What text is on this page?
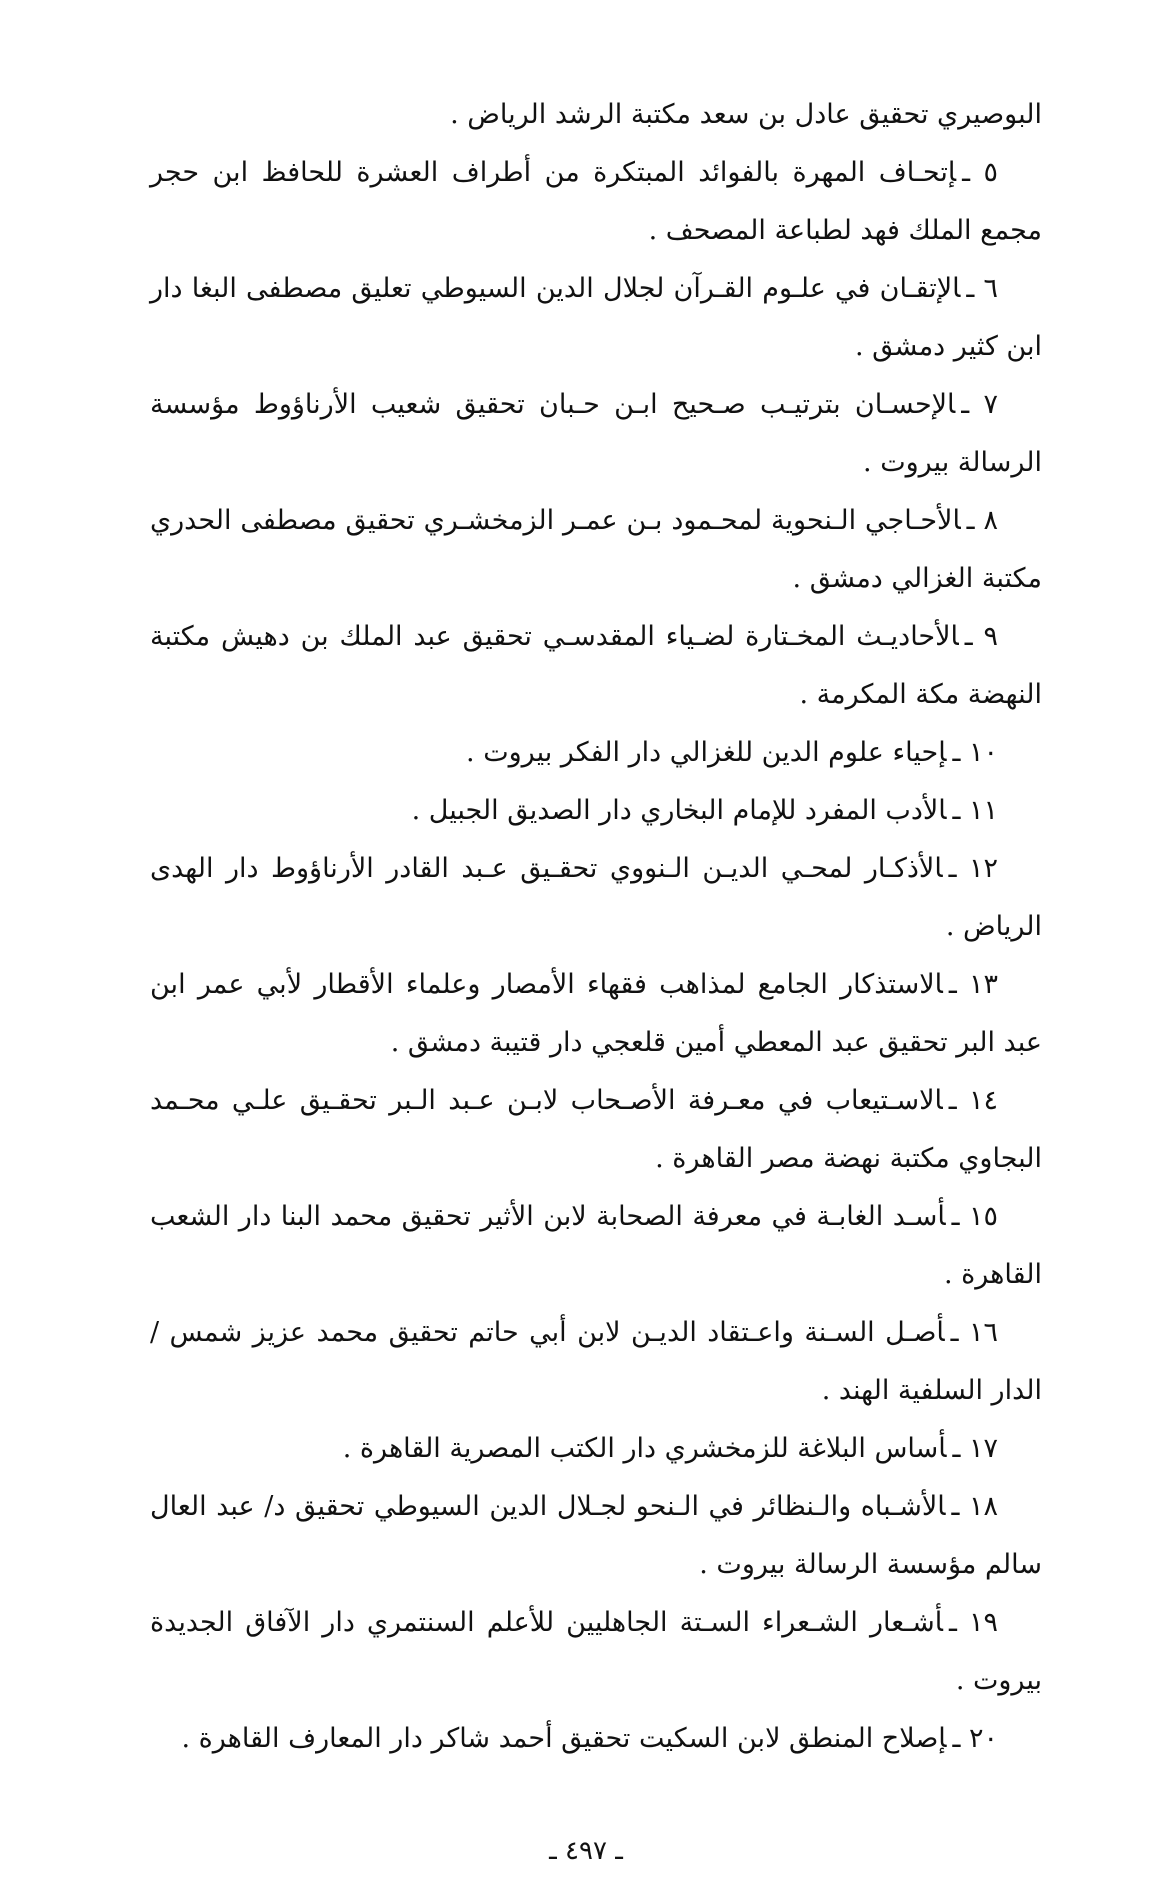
البوصيري تحقيق عادل بن سعد مكتبة الرشد الرياض .

٥ ـإتحـاف المهرة بالفوائد المبتكرة من أطراف العشرة للحافظ ابن حجر مجمع الملك فهد لطباعة المصحف .
٦ ـالإتقـان في علـوم القـرآن لجلال الدين السيوطي تعليق مصطفى البغا دار ابن كثير دمشق .
٧ ـالإحسـان بترتيـب صـحيح ابـن حـبان تحقيق شعيب الأرناؤوط مؤسسة الرسالة بيروت .
٨ ـالأحـاجي الـنحوية لمحـمود بـن عمـر الزمخشـري تحقيق مصطفى الحدري مكتبة الغزالي دمشق .
٩ ـالأحاديـث المخـتارة لضـياء المقدسـي تحقيق عبد الملك بن دهيش مكتبة النهضة مكة المكرمة .
١٠ ـإحياء علوم الدين للغزالي دار الفكر بيروت .
١١ ـالأدب المفرد للإمام البخاري دار الصديق الجبيل .
١٢ ـالأذكـار لمحـي الديـن الـنووي تحقـيق عـبد القادر الأرناؤوط دار الهدى الرياض .
١٣ ـالاستذكار الجامع لمذاهب فقهاء الأمصار وعلماء الأقطار لأبي عمر ابن عبد البر تحقيق عبد المعطي أمين قلعجي دار قتيبة دمشق .
١٤ ـالاسـتيعاب في معـرفة الأصـحاب لابـن عـبد الـبر تحقـيق علـي محـمد البجاوي مكتبة نهضة مصر القاهرة .
١٥ ـأسـد الغابـة في معرفة الصحابة لابن الأثير تحقيق محمد البنا دار الشعب القاهرة .
١٦ ـأصـل السـنة واعـتقاد الديـن لابن أبي حاتم تحقيق محمد عزيز شمس / الدار السلفية الهند .
١٧ ـأساس البلاغة للزمخشري دار الكتب المصرية القاهرة .
١٨ ـالأشـباه والـنظائر في الـنحو لجـلال الدين السيوطي تحقيق د/ عبد العال سالم مؤسسة الرسالة بيروت .
١٩ ـأشـعار الشـعراء السـتة الجاهليين للأعلم السنتمري دار الآفاق الجديدة بيروت .
٢٠ ـإصلاح المنطق لابن السكيت تحقيق أحمد شاكر دار المعارف القاهرة .
ـ ٤٩٧ ـ
